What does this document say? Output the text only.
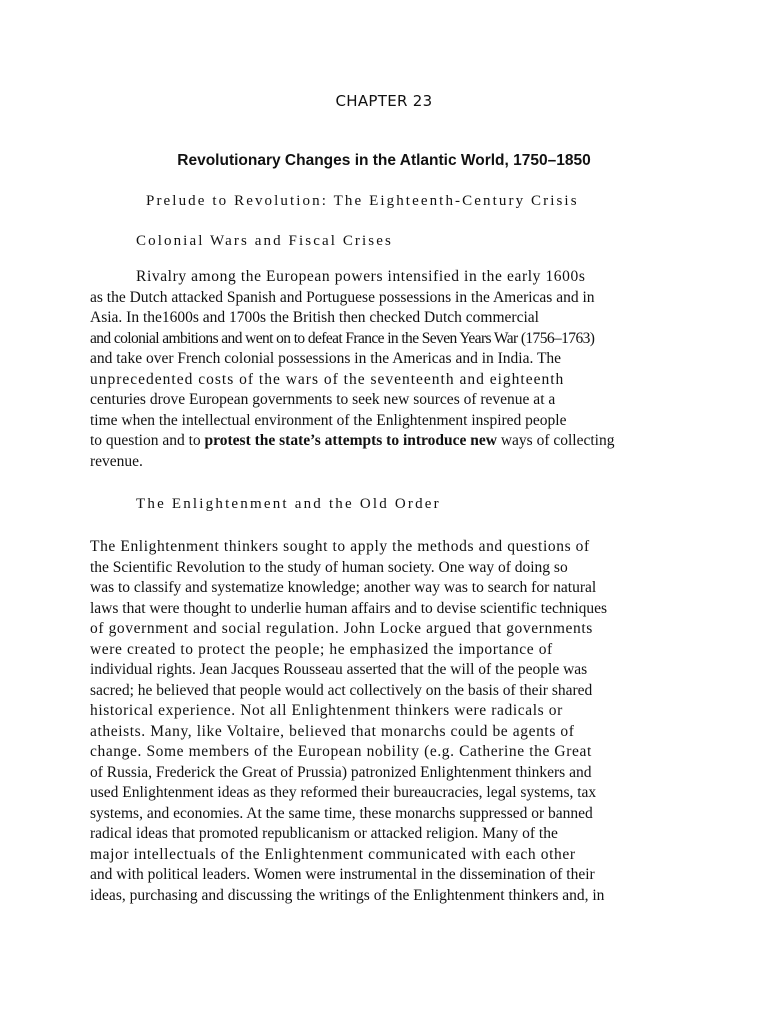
CHAPTER 23
Revolutionary Changes in the Atlantic World, 1750–1850
Prelude to Revolution: The Eighteenth-Century Crisis
Colonial Wars and Fiscal Crises
Rivalry among the European powers intensified in the early 1600s
as the Dutch attacked Spanish and Portuguese possessions in the Americas and in
Asia. In the1600s and 1700s the British then checked Dutch commercial
and colonial ambitions and went on to defeat France in the Seven Years War (1756–1763)
and take over French colonial possessions in the Americas and in India. The
unprecedented costs of the wars of the seventeenth and eighteenth
centuries drove European governments to seek new sources of revenue at a
time when the intellectual environment of the Enlightenment inspired people
to question and to protest the state’s attempts to introduce new ways of collecting
revenue.
The Enlightenment and the Old Order
The Enlightenment thinkers sought to apply the methods and questions of
the Scientific Revolution to the study of human society. One way of doing so
was to classify and systematize knowledge; another way was to search for natural
laws that were thought to underlie human affairs and to devise scientific techniques
of government and social regulation. John Locke argued that governments
were created to protect the people; he emphasized the importance of
individual rights. Jean Jacques Rousseau asserted that the will of the people was
sacred; he believed that people would act collectively on the basis of their shared
historical experience. Not all Enlightenment thinkers were radicals or
atheists. Many, like Voltaire, believed that monarchs could be agents of
change. Some members of the European nobility (e.g. Catherine the Great
of Russia, Frederick the Great of Prussia) patronized Enlightenment thinkers and
used Enlightenment ideas as they reformed their bureaucracies, legal systems, tax
systems, and economies. At the same time, these monarchs suppressed or banned
radical ideas that promoted republicanism or attacked religion. Many of the
major intellectuals of the Enlightenment communicated with each other
and with political leaders. Women were instrumental in the dissemination of their
ideas, purchasing and discussing the writings of the Enlightenment thinkers and, in
